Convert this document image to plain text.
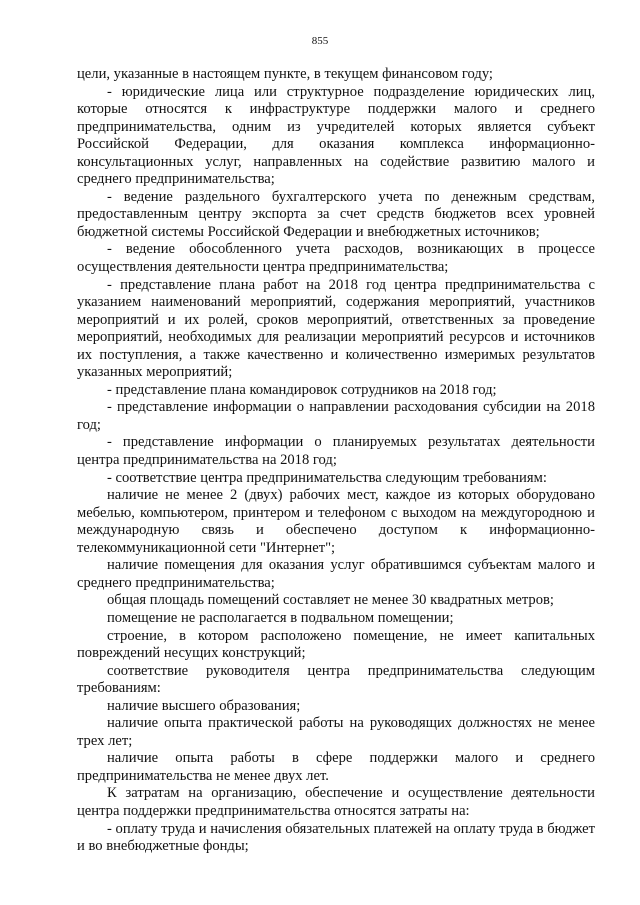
855

цели, указанные в настоящем пункте, в текущем финансовом году;

- юридические лица или структурное подразделение юридических лиц, которые относятся к инфраструктуре поддержки малого и среднего предпринимательства, одним из учредителей которых является субъект Российской Федерации, для оказания комплекса информационно-консультационных услуг, направленных на содействие развитию малого и среднего предпринимательства;

- ведение раздельного бухгалтерского учета по денежным средствам, предоставленным центру экспорта за счет средств бюджетов всех уровней бюджетной системы Российской Федерации и внебюджетных источников;

- ведение обособленного учета расходов, возникающих в процессе осуществления деятельности центра предпринимательства;

- представление плана работ на 2018 год центра предпринимательства с указанием наименований мероприятий, содержания мероприятий, участников мероприятий и их ролей, сроков мероприятий, ответственных за проведение мероприятий, необходимых для реализации мероприятий ресурсов и источников их поступления, а также качественно и количественно измеримых результатов указанных мероприятий;

- представление плана командировок сотрудников на 2018 год;

- представление информации о направлении расходования субсидии на 2018 год;

- представление информации о планируемых результатах деятельности центра предпринимательства на 2018 год;

- соответствие центра предпринимательства следующим требованиям:

наличие не менее 2 (двух) рабочих мест, каждое из которых оборудовано мебелью, компьютером, принтером и телефоном с выходом на междугородною и международную связь и обеспечено доступом к информационно-телекоммуникационной сети "Интернет";

наличие помещения для оказания услуг обратившимся субъектам малого и среднего предпринимательства;

общая площадь помещений составляет не менее 30 квадратных метров;

помещение не располагается в подвальном помещении;

строение, в котором расположено помещение, не имеет капитальных повреждений несущих конструкций;

соответствие руководителя центра предпринимательства следующим требованиям:

наличие высшего образования;

наличие опыта практической работы на руководящих должностях не менее трех лет;

наличие опыта работы в сфере поддержки малого и среднего предпринимательства не менее двух лет.

К затратам на организацию, обеспечение и осуществление деятельности центра поддержки предпринимательства относятся затраты на:

- оплату труда и начисления обязательных платежей на оплату труда в бюджет и во внебюджетные фонды;
